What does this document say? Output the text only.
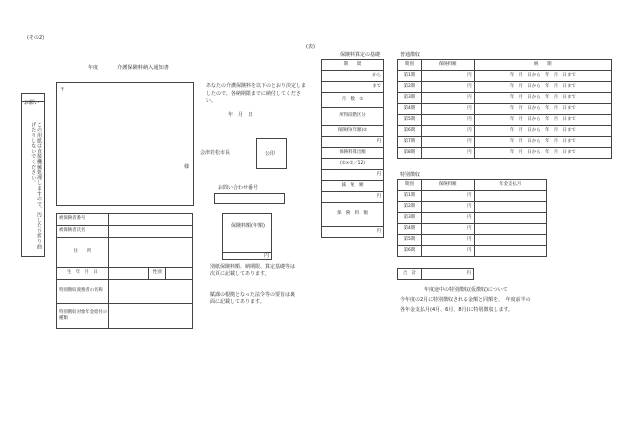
(その2)
お願い
この用紙は直接機械処理しますので、汚したり折り曲げたりしないでください。
年度	介護保険料納入通知書
〒
様
あなたの介護保険料を以下のとおり決定しましたので、各納期限までに納付してください。
年　月　日
会津若松市長	公印
お問い合わせ番号
保険料額(年額)
円
別紙保険料額、納期限、算定基礎等は次頁に記載してあります。
賦課の根拠となった法令等の要旨は裏面に記載してあります。
被保険者番号			
被保険者氏名			
住　　所			
生　年　月　日		性別	
特別徴収義務者の名称			
特別徴収対象年金給付の種類			
(表)
保険料算定の基礎
期　　間
から
まで
月　数　①
所得段階区分
保険料(年額)②
円
保険料算出額
(②×①／12)
円
減　免　額
円
保　険　料　額
円
普通徴収
期別	保険料額	納　　期
第1期	円	年　月　日から　年　月　日まで
第2期	円	年　月　日から　年　月　日まで
第3期	円	年　月　日から　年　月　日まで
第4期	円	年　月　日から　年　月　日まで
第5期	円	年　月　日から　年　月　日まで
第6期	円	年　月　日から　年　月　日まで
第7期	円	年　月　日から　年　月　日まで
第8期	円	年　月　日から　年　月　日まで
特別徴収
期別	保険料額	年金支払月
第1期	円	
第2期	円	
第3期	円	
第4期	円	
第5期	円	
第6期	円	
合　計	円
年度途中の特別徴収(仮徴収)について
今年度の2月に特別徴収される金額と同額を、　年度前半の
各年金支払月(4月、6月、8月)に特別徴収します。
